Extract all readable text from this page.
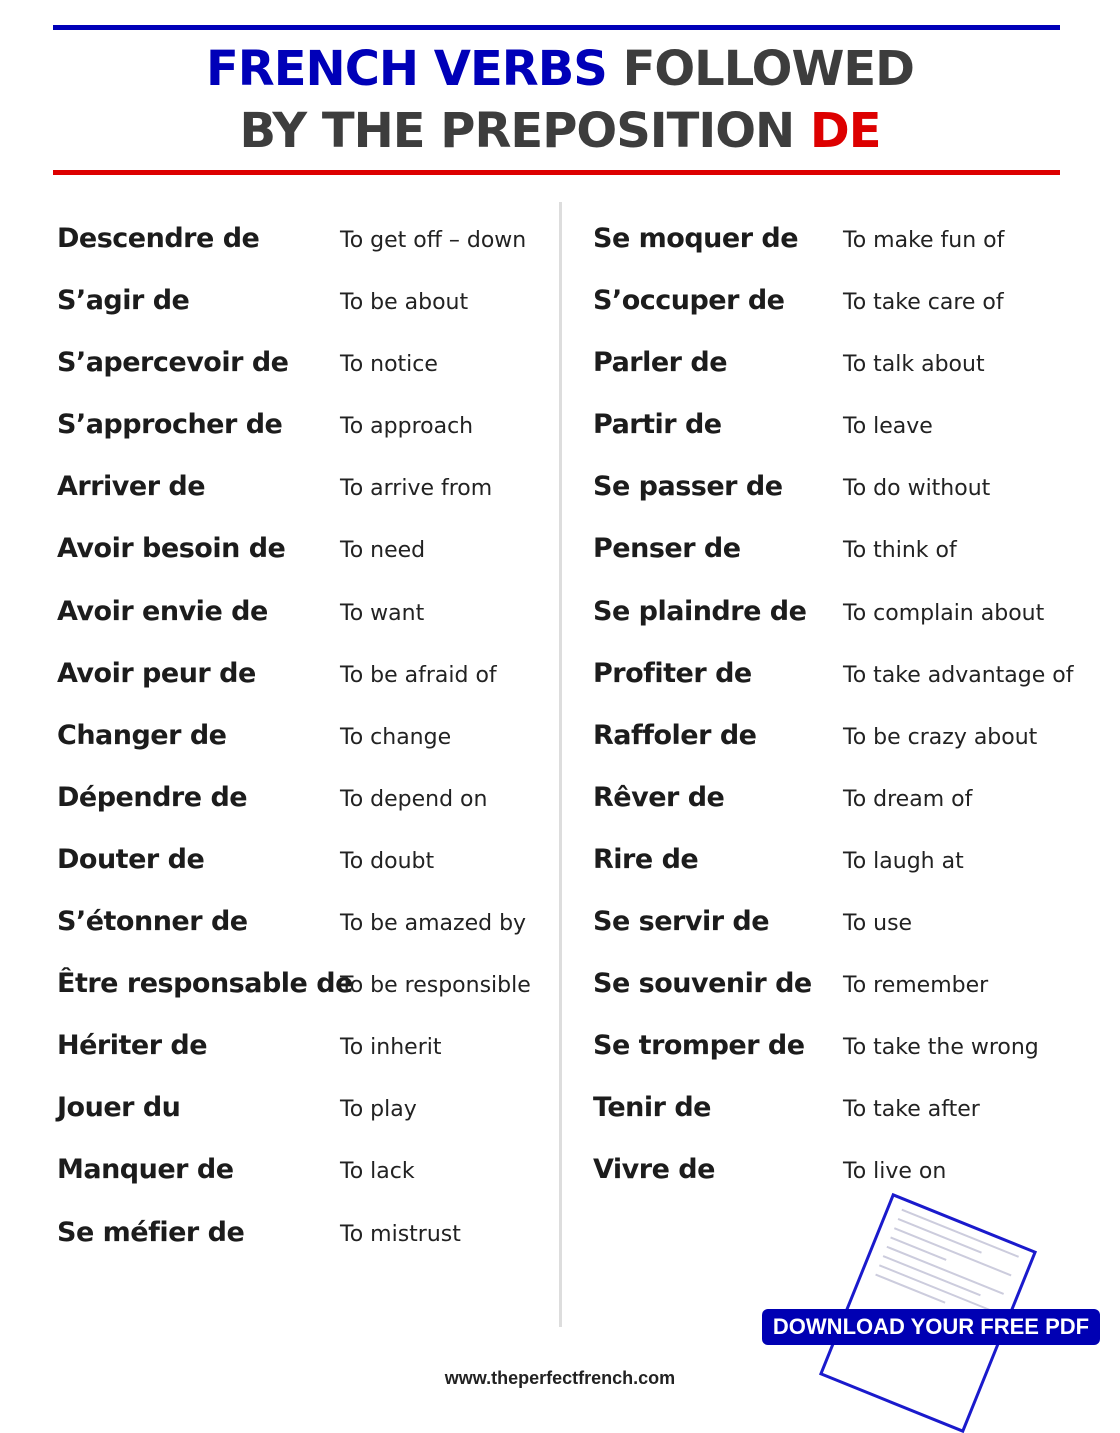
FRENCH VERBS FOLLOWED
BY THE PREPOSITION DE
Descendre de	To get off – down
S’agir de	To be about
S’apercevoir de To notice
S’approcher de	To approach
Arriver de	To arrive from
Avoir besoin de To need
Avoir envie de	To want
Avoir peur de	To be afraid of
Changer de	To change
Dépendre de	To depend on
Douter de	To doubt
S’étonner de	To be amazed by
Être responsable de
To be responsible
Hériter de	To inherit
Jouer du	To play
Manquer de	To lack
Se méfier de	To mistrust
Se moquer de To make fun of
S’occuper de	To take care of
Parler de	To talk about
Partir de	To leave
Se passer de	To do without
Penser de	To think of
Se plaindre de To complain about
Profiter de	To take advantage of
Raffoler de	To be crazy about
Rêver de	To dream of
Rire de	To laugh at
Se servir de	To use
Se souvenir de To remember
Se tromper de To take the wrong
Tenir de	To take after
Vivre de	To live on
DOWNLOAD YOUR FREE PDF
www.theperfectfrench.com
